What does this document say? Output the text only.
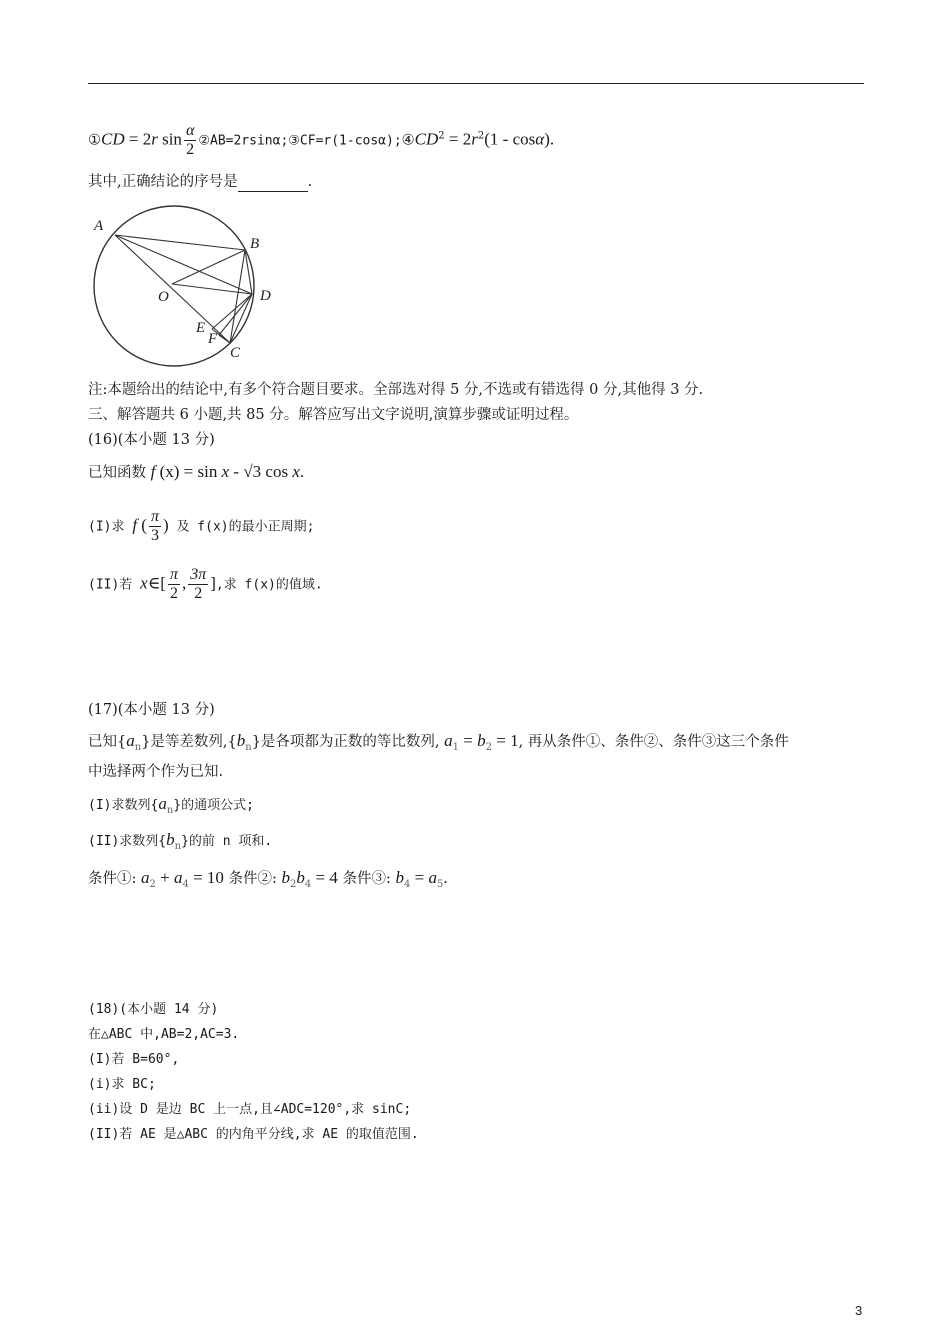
①CD = 2r $\sin \frac{\alpha}{2}$ $②AB=2rsin\alpha;③CF=r(1-\cos\alpha);④CD^2 = 2r^2(1 - \cos\alpha)$.
其中,正确结论的序号是	.
A
B
O	D
E
F
C
注:本题给出的结论中,有多个符合题目要求。全部选对得 5 分,不选或有错选得 0 分,其他得 3 分.
三、解答题共 6 小题,共 85 分。解答应写出文字说明,演算步骤或证明过程。
(16)(本小题 13 分)
已知函数 f (x) = sin x - √3 cos x.
(I)求 f ( $\frac{\pi}{3}$ ) 及 f(x)的最小正周期;
(II)若 x∈[ $\frac{\pi}{2}$ , $\frac{3\pi}{2}$ ],求 f(x)的值域.
(17)(本小题 13 分)
已知$\{a_n\}$是等差数列$,\{b_n\}$是各项都为正数的等比数列, $a_1 = b_2 = 1$, 再从条件①、条件②、条件③这三个条件
中选择两个作为已知.
(I)求数列$\{a_n\}$的通项公式;
(II)求数列$\{b_n\}$的前 n 项和.
条件①: $a_2 + a_4 = 10$ 条件②: $b_2b_4 = 4$ 条件③: $b_4 = a_5$.
(18)(本小题 14 分)
在△ABC 中,AB=2,AC=3.
(I)若 B=60°,
(i)求 BC;
(ii)设 D 是边 BC 上一点,且∠ADC=120°,求 sinC;
(II)若 AE 是△ABC 的内角平分线,求 AE 的取值范围.
3
